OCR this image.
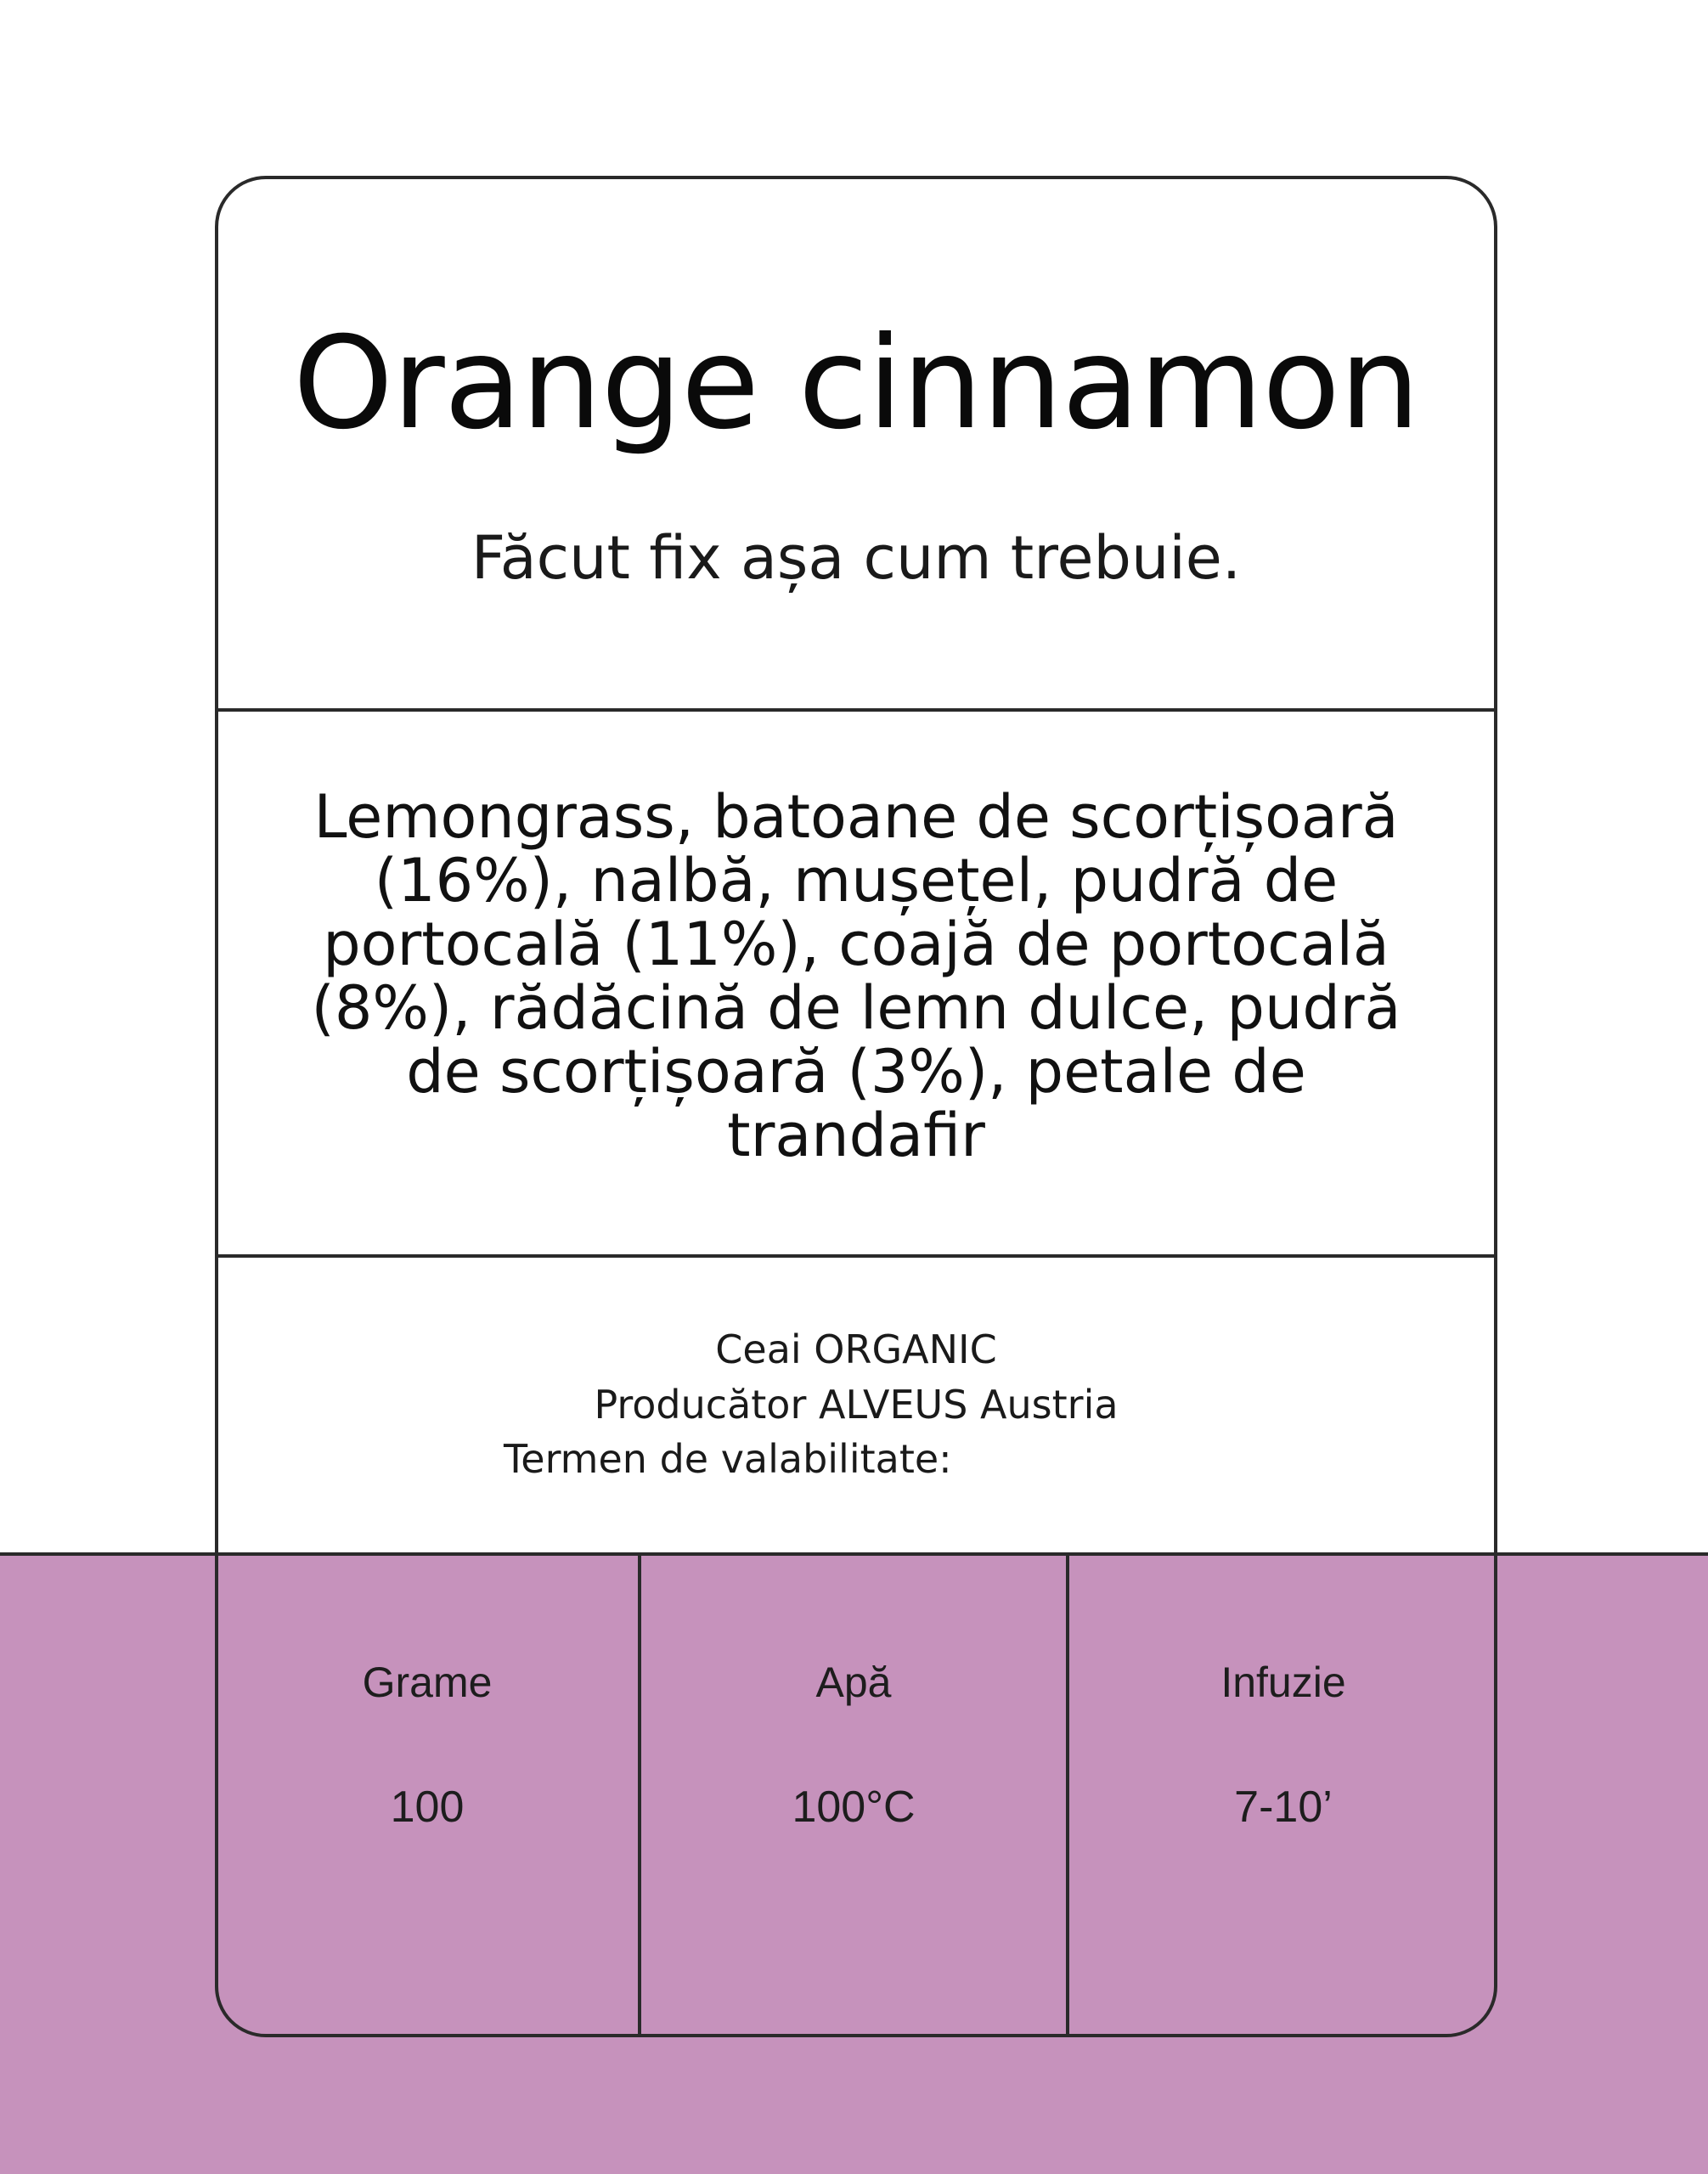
Orange cinnamon
Făcut fix așa cum trebuie.
Lemongrass, batoane de scorțișoară (16%), nalbă, mușețel, pudră de portocală (11%), coajă de portocală (8%), rădăcină de lemn dulce, pudră de scorțișoară (3%), petale de trandafir
Ceai ORGANIC
Producător ALVEUS Austria
Termen de valabilitate:
Grame
100
Apă
100°C
Infuzie
7-10’
